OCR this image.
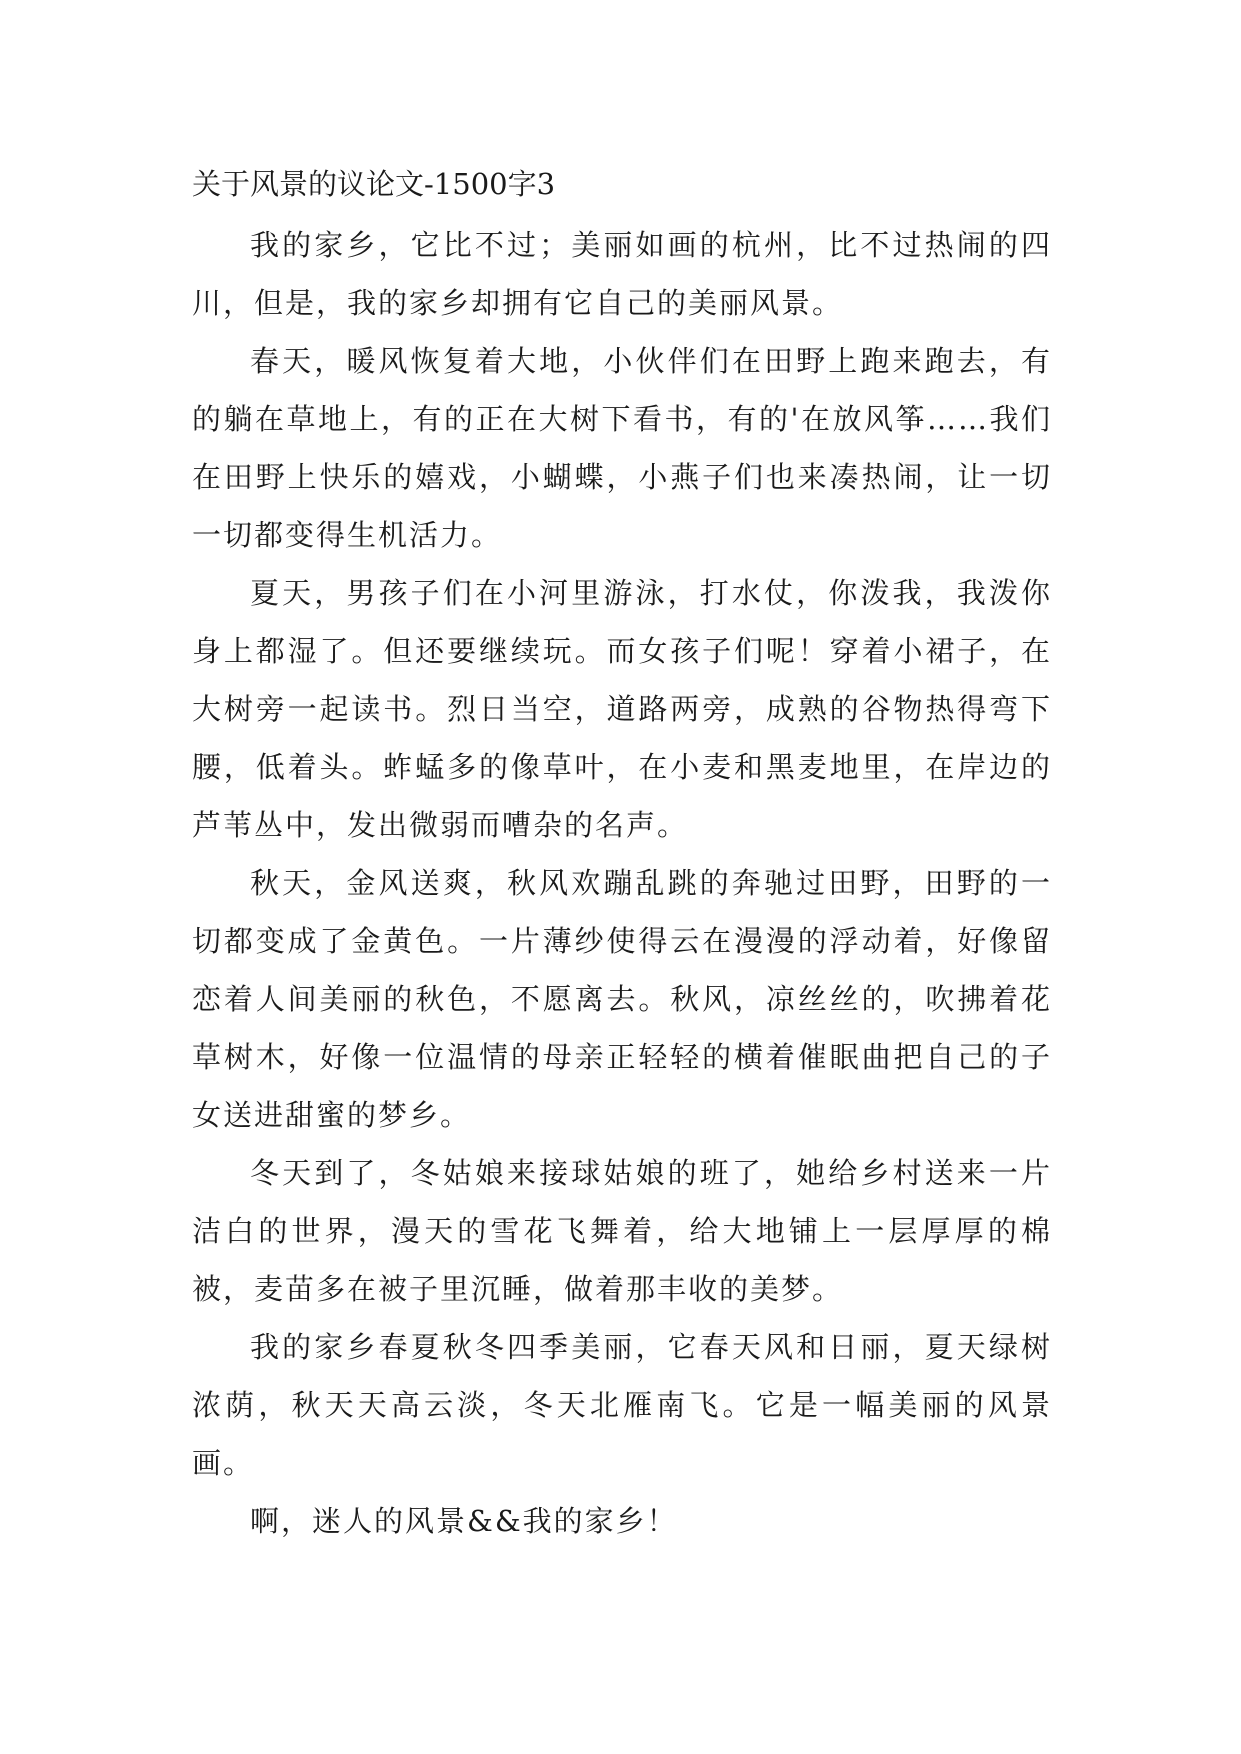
关于风景的议论文-1500字3

我的家乡，它比不过；美丽如画的杭州，比不过热闹的四川，但是，我的家乡却拥有它自己的美丽风景。

春天，暖风恢复着大地，小伙伴们在田野上跑来跑去，有的躺在草地上，有的正在大树下看书，有的'在放风筝……我们在田野上快乐的嬉戏，小蝴蝶，小燕子们也来凑热闹，让一切一切都变得生机活力。

夏天，男孩子们在小河里游泳，打水仗，你泼我，我泼你身上都湿了。但还要继续玩。而女孩子们呢！穿着小裙子，在大树旁一起读书。烈日当空，道路两旁，成熟的谷物热得弯下腰，低着头。蚱蜢多的像草叶，在小麦和黑麦地里，在岸边的芦苇丛中，发出微弱而嘈杂的名声。

秋天，金风送爽，秋风欢蹦乱跳的奔驰过田野，田野的一切都变成了金黄色。一片薄纱使得云在漫漫的浮动着，好像留恋着人间美丽的秋色，不愿离去。秋风，凉丝丝的，吹拂着花草树木，好像一位温情的母亲正轻轻的横着催眠曲把自己的子女送进甜蜜的梦乡。

冬天到了，冬姑娘来接球姑娘的班了，她给乡村送来一片洁白的世界，漫天的雪花飞舞着，给大地铺上一层厚厚的棉被，麦苗多在被子里沉睡，做着那丰收的美梦。

我的家乡春夏秋冬四季美丽，它春天风和日丽，夏天绿树浓荫，秋天天高云淡，冬天北雁南飞。它是一幅美丽的风景画。

啊，迷人的风景&&我的家乡！
